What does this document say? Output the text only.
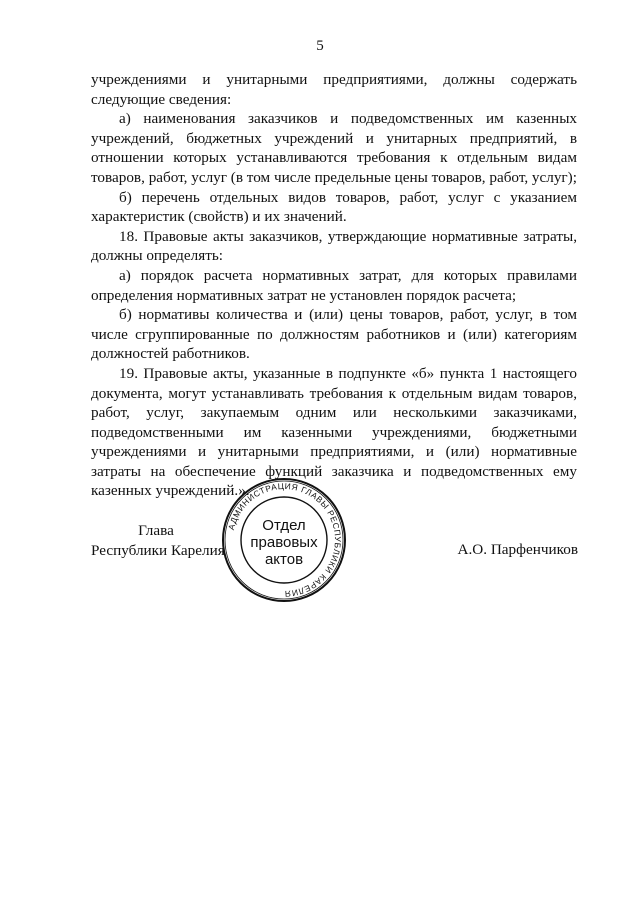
5

учреждениями и унитарными предприятиями, должны содержать следующие сведения:

а) наименования заказчиков и подведомственных им казенных учреждений, бюджетных учреждений и унитарных предприятий, в отношении которых устанавливаются требования к отдельным видам товаров, работ, услуг (в том числе предельные цены товаров, работ, услуг);

б) перечень отдельных видов товаров, работ, услуг с указанием характеристик (свойств) и их значений.

18. Правовые акты заказчиков, утверждающие нормативные затраты, должны определять:

а) порядок расчета нормативных затрат, для которых правилами определения нормативных затрат не установлен порядок расчета;

б) нормативы количества и (или) цены товаров, работ, услуг, в том числе сгруппированные по должностям работников и (или) категориям должностей работников.

19. Правовые акты, указанные в подпункте «б» пункта 1 настоящего документа, могут устанавливать требования к отдельным видам товаров, работ, услуг, закупаемым одним или несколькими заказчиками, подведомственными им казенными учреждениями, бюджетными учреждениями и унитарными предприятиями, и (или) нормативные затраты на обеспечение функций заказчика и подведомственных ему казенных учреждений.».

Глава
Республики Карелия	А.О. Парфенчиков
АДМИНИСТРАЦИЯ ГЛАВЫ РЕСПУБЛИКИ КАРЕЛИЯ
Отдел
правовых
актов
